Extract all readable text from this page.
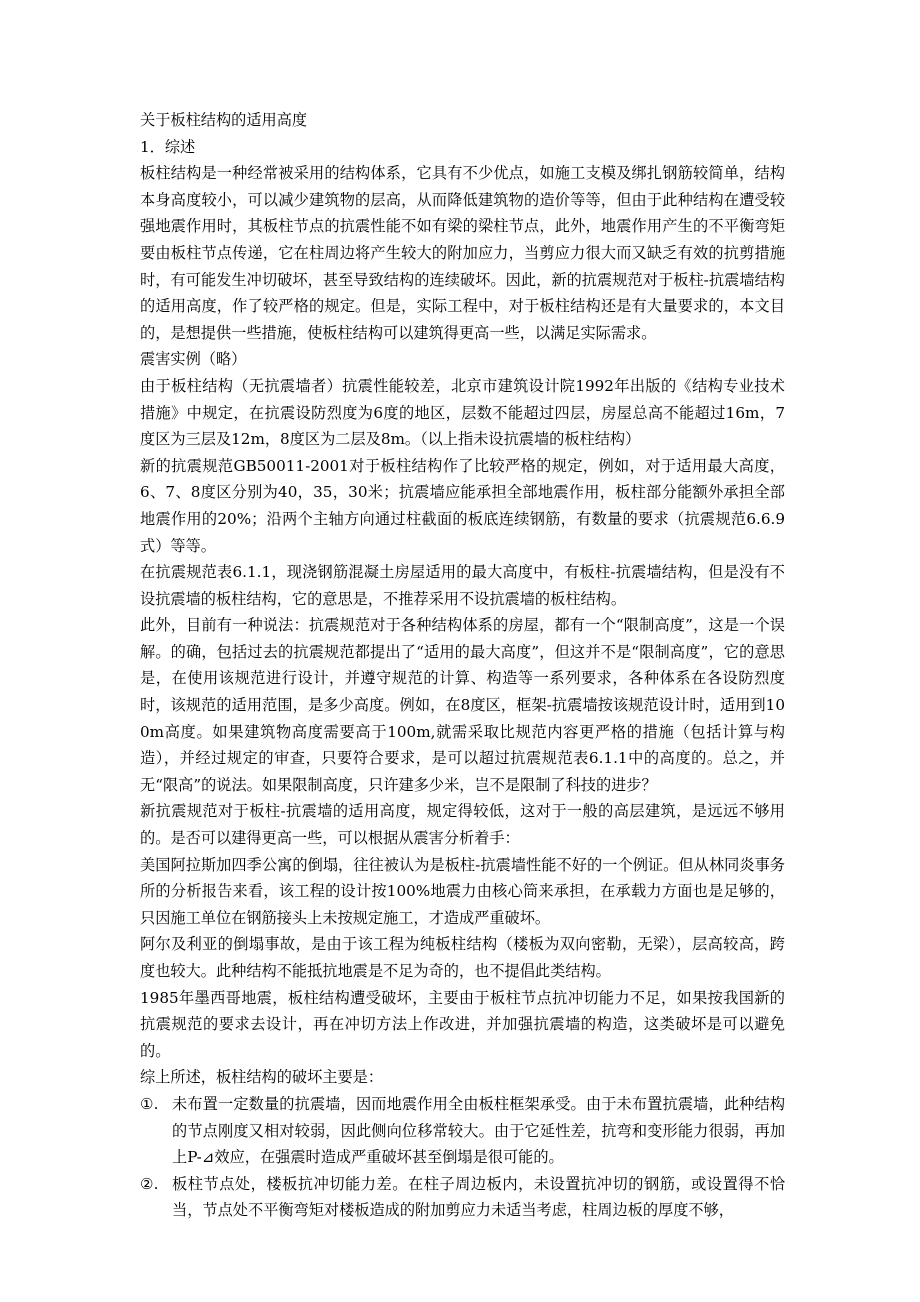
关于板柱结构的适用高度

1．综述

板柱结构是一种经常被采用的结构体系，它具有不少优点，如施工支模及绑扎钢筋较简单，结构本身高度较小，可以减少建筑物的层高，从而降低建筑物的造价等等，但由于此种结构在遭受较强地震作用时，其板柱节点的抗震性能不如有梁的梁柱节点，此外，地震作用产生的不平衡弯矩要由板柱节点传递，它在柱周边将产生较大的附加应力，当剪应力很大而又缺乏有效的抗剪措施时，有可能发生冲切破坏，甚至导致结构的连续破坏。因此，新的抗震规范对于板柱-抗震墙结构的适用高度，作了较严格的规定。但是，实际工程中，对于板柱结构还是有大量要求的，本文目的，是想提供一些措施，使板柱结构可以建筑得更高一些，以满足实际需求。

震害实例（略）

由于板柱结构（无抗震墙者）抗震性能较差，北京市建筑设计院1992年出版的《结构专业技术措施》中规定，在抗震设防烈度为6度的地区，层数不能超过四层，房屋总高不能超过16m，7度区为三层及12m，8度区为二层及8m。（以上指未设抗震墙的板柱结构）

新的抗震规范GB50011-2001对于板柱结构作了比较严格的规定，例如，对于适用最大高度，6、7、8度区分别为40，35，30米；抗震墙应能承担全部地震作用，板柱部分能额外承担全部地震作用的20%；沿两个主轴方向通过柱截面的板底连续钢筋，有数量的要求（抗震规范6.6.9式）等等。

在抗震规范表6.1.1，现浇钢筋混凝土房屋适用的最大高度中，有板柱-抗震墙结构，但是没有不设抗震墙的板柱结构，它的意思是，不推荐采用不设抗震墙的板柱结构。

此外，目前有一种说法：抗震规范对于各种结构体系的房屋，都有一个“限制高度”，这是一个误解。的确，包括过去的抗震规范都提出了“适用的最大高度”，但这并不是“限制高度”，它的意思是，在使用该规范进行设计，并遵守规范的计算、构造等一系列要求，各种体系在各设防烈度时，该规范的适用范围，是多少高度。例如，在8度区，框架-抗震墙按该规范设计时，适用到100m高度。如果建筑物高度需要高于100m,就需采取比规范内容更严格的措施（包括计算与构造），并经过规定的审查，只要符合要求，是可以超过抗震规范表6.1.1中的高度的。总之，并无“限高”的说法。如果限制高度，只许建多少米，岂不是限制了科技的进步？

新抗震规范对于板柱-抗震墙的适用高度，规定得较低，这对于一般的高层建筑，是远远不够用的。是否可以建得更高一些，可以根据从震害分析着手：

美国阿拉斯加四季公寓的倒塌，往往被认为是板柱-抗震墙性能不好的一个例证。但从林同炎事务所的分析报告来看，该工程的设计按100%地震力由核心筒来承担，在承载力方面也是足够的，只因施工单位在钢筋接头上未按规定施工，才造成严重破坏。

阿尔及利亚的倒塌事故，是由于该工程为纯板柱结构（楼板为双向密勒，无梁），层高较高，跨度也较大。此种结构不能抵抗地震是不足为奇的，也不提倡此类结构。

1985年墨西哥地震，板柱结构遭受破坏，主要由于板柱节点抗冲切能力不足，如果按我国新的抗震规范的要求去设计，再在冲切方法上作改进，并加强抗震墙的构造，这类破坏是可以避免的。

综上所述，板柱结构的破坏主要是：

①. 未布置一定数量的抗震墙，因而地震作用全由板柱框架承受。由于未布置抗震墙，此种结构的节点刚度又相对较弱，因此侧向位移常较大。由于它延性差，抗弯和变形能力很弱，再加上P-⊿效应，在强震时造成严重破坏甚至倒塌是很可能的。
②. 板柱节点处，楼板抗冲切能力差。在柱子周边板内，未设置抗冲切的钢筋，或设置得不恰当，节点处不平衡弯矩对楼板造成的附加剪应力未适当考虑，柱周边板的厚度不够，
